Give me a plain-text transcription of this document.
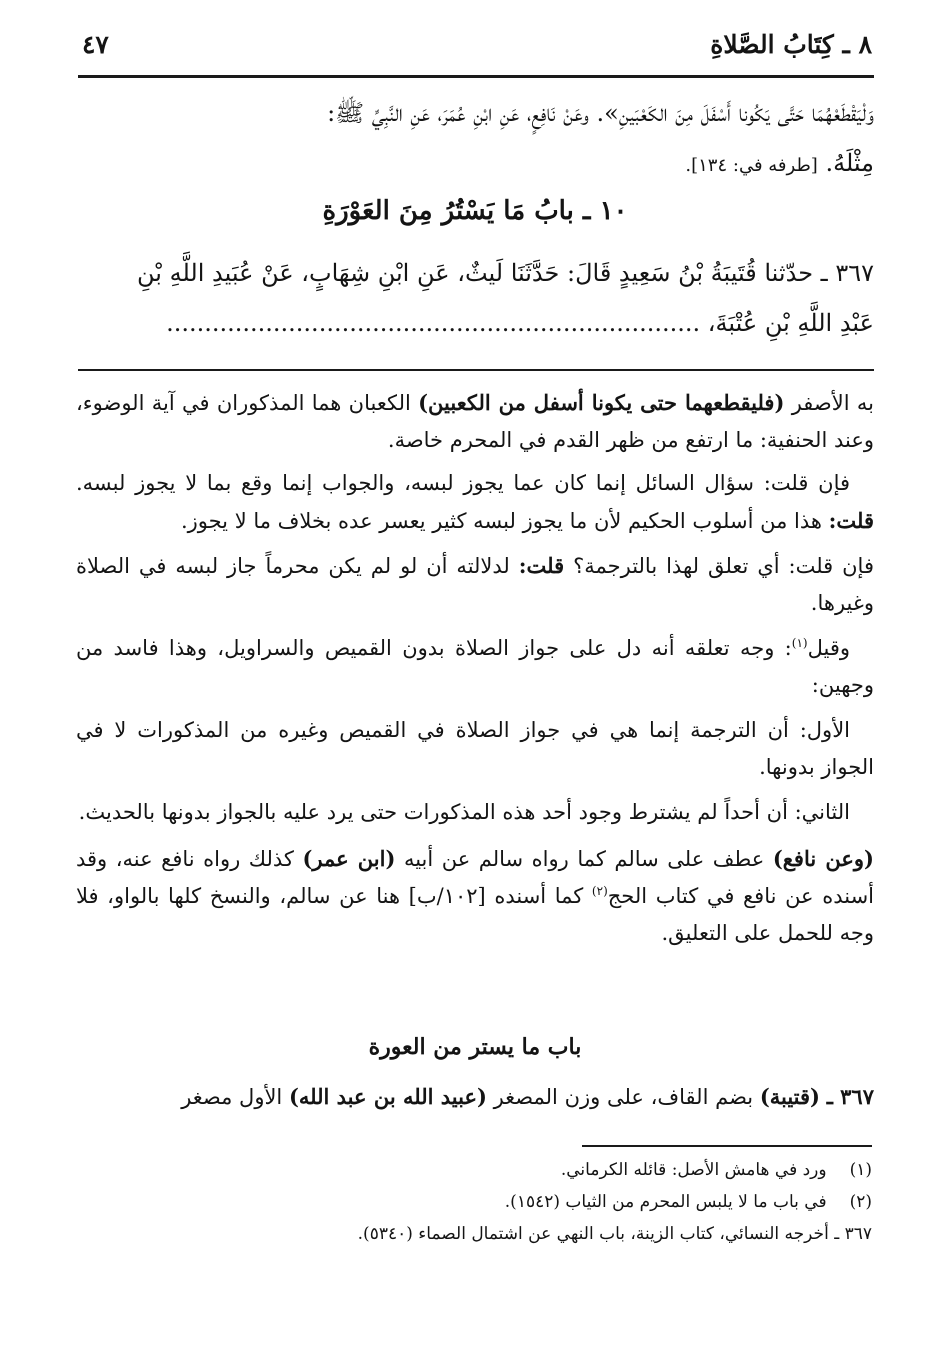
٨ ـ كِتَابُ الصَّلاةِ
٤٧

وَلْيَقْطَعْهُمَا حَتَّى يَكُونا أَسْفَلَ مِنَ الكَعْبَينِ». وعَنْ نَافِعٍ، عَنِ ابْنِ عُمَرَ، عَنِ النَّبِيِّ ﷺ:

مِثْلَهُ. [طرفه في: ١٣٤].

١٠ ـ بابُ مَا يَسْتُرُ مِنَ العَوْرَةِ

٣٦٧ ـ حدّثنا قُتَيبَةُ بْنُ سَعِيدٍ قَالَ: حَدَّثَنَا لَيثٌ، عَنِ ابْنِ شِهَابٍ، عَنْ عُبَيدِ اللَّهِ بْنِ

عَبْدِ اللَّهِ بْنِ عُتْبَةَ، ......................................................................

به الأصفر (فليقطعهما حتى يكونا أسفل من الكعبين) الكعبان هما المذكوران في آية الوضوء، وعند الحنفية: ما ارتفع من ظهر القدم في المحرم خاصة.

فإن قلت: سؤال السائل إنما كان عما يجوز لبسه، والجواب إنما وقع بما لا يجوز لبسه. قلت: هذا من أسلوب الحكيم لأن ما يجوز لبسه كثير يعسر عده بخلاف ما لا يجوز.

فإن قلت: أي تعلق لهذا بالترجمة؟ قلت: لدلالته أن لو لم يكن محرماً جاز لبسه في الصلاة وغيرها.

وقيل$^{(١)}$: وجه تعلقه أنه دل على جواز الصلاة بدون القميص والسراويل، وهذا فاسد من وجهين:

الأول: أن الترجمة إنما هي في جواز الصلاة في القميص وغيره من المذكورات لا في الجواز بدونها.

الثاني: أن أحداً لم يشترط وجود أحد هذه المذكورات حتى يرد عليه بالجواز بدونها بالحديث.

(وعن نافع) عطف على سالم كما رواه سالم عن أبيه (ابن عمر) كذلك رواه نافع عنه، وقد أسنده عن نافع في كتاب الحج$^{(٢)}$ كما أسنده [١٠٢/ب] هنا عن سالم، والنسخ كلها بالواو، فلا وجه للحمل على التعليق.

باب ما يستر من العورة

٣٦٧ ـ (قتيبة) بضم القاف، على وزن المصغر (عبيد الله بن عبد الله) الأول مصغر

(١) ورد في هامش الأصل: قائله الكرماني.

(٢) في باب ما لا يلبس المحرم من الثياب (١٥٤٢).

٣٦٧ ـ أخرجه النسائي، كتاب الزينة، باب النهي عن اشتمال الصماء (٥٣٤٠).
